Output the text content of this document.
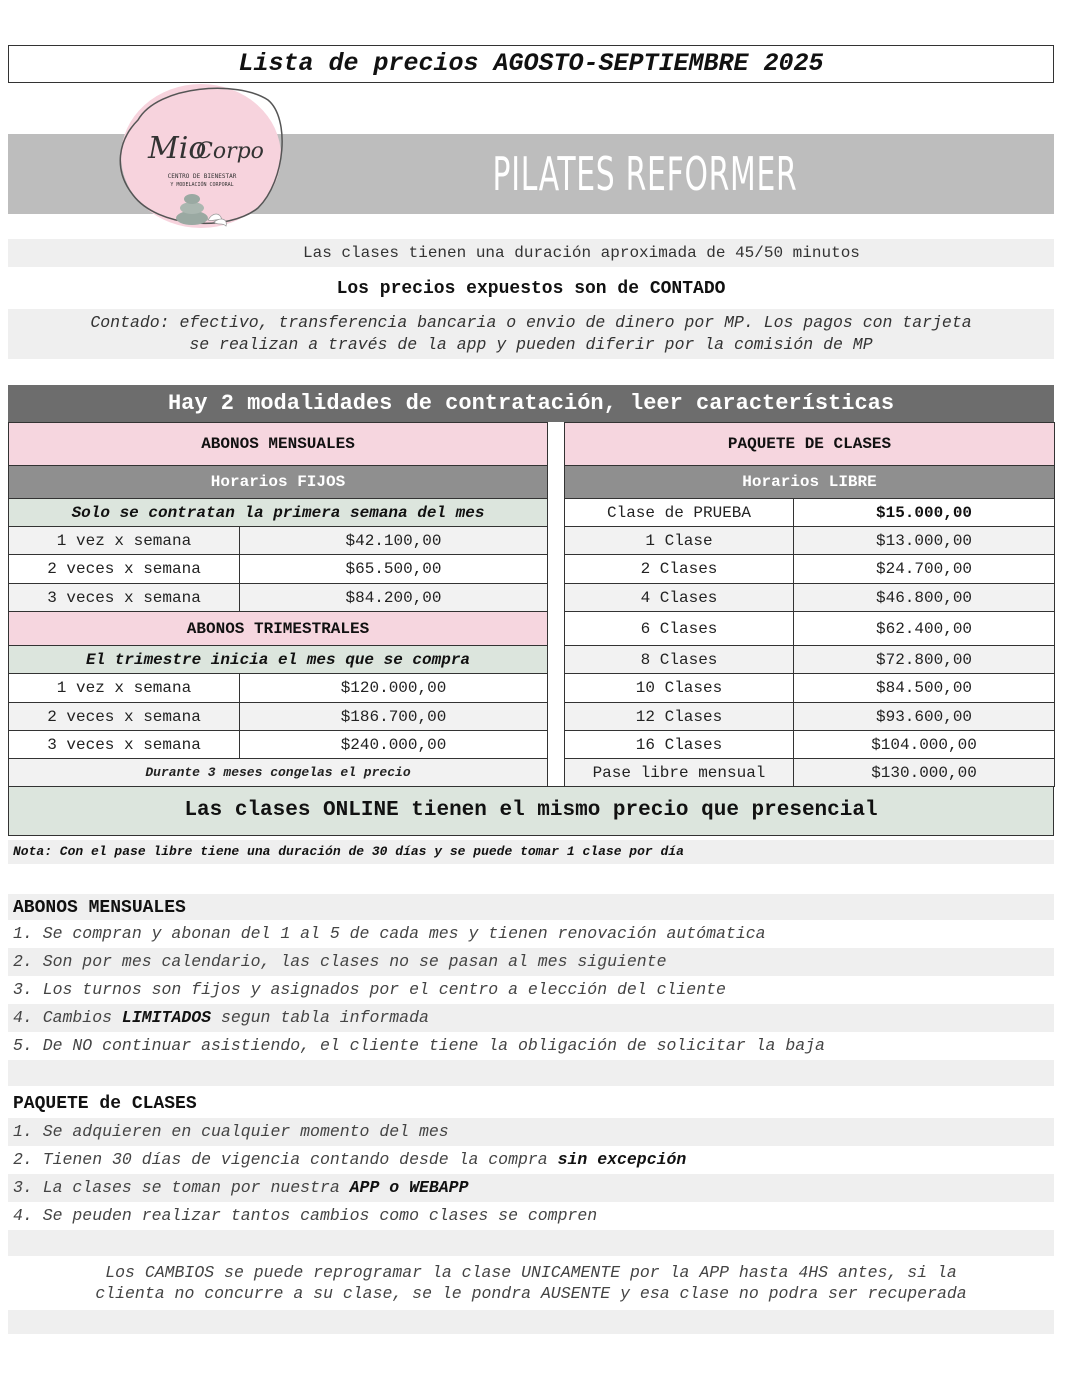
Lista de precios AGOSTO-SEPTIEMBRE 2025
PILATES REFORMER
Mio
Corpo
CENTRO DE BIENESTAR
Y MODELACIÓN CORPORAL
Las clases tienen una duración aproximada de 45/50 minutos
Los precios expuestos son de CONTADO
Contado: efectivo, transferencia bancaria o envio de dinero por MP. Los pagos con tarjeta
se realizan a través de la app y pueden diferir por la comisión de MP
Hay 2 modalidades de contratación, leer características
ABONOS MENSUALES	
Horarios FIJOS	
Solo se contratan la primera semana del mes	
1 vez x semana	$42.100,00
2 veces x semana	$65.500,00
3 veces x semana	$84.200,00
ABONOS TRIMESTRALES	
El trimestre inicia el mes que se compra	
1 vez x semana	$120.000,00
2 veces x semana	$186.700,00
3 veces x semana	$240.000,00
Durante 3 meses congelas el precio	
PAQUETE DE CLASES	
Horarios LIBRE	
Clase de PRUEBA	$15.000,00
1 Clase	$13.000,00
2 Clases	$24.700,00
4 Clases	$46.800,00
6 Clases	$62.400,00
8 Clases	$72.800,00
10 Clases	$84.500,00
12 Clases	$93.600,00
16 Clases	$104.000,00
Pase libre mensual	$130.000,00
Las clases ONLINE tienen el mismo precio que presencial
Nota: Con el pase libre tiene una duración de 30 días y se puede tomar 1 clase por día
ABONOS MENSUALES
1. Se compran y abonan del 1 al 5 de cada mes y tienen renovación autómatica
2. Son por mes calendario, las clases no se pasan al mes siguiente
3. Los turnos son fijos y asignados por el centro a elección del cliente
4. Cambios LIMITADOS segun tabla informada
5. De NO continuar asistiendo, el cliente tiene la obligación de solicitar la baja
PAQUETE de CLASES
1. Se adquieren en cualquier momento del mes
2. Tienen 30 días de vigencia contando desde la compra sin excepción
3. La clases se toman por nuestra APP o WEBAPP
4. Se peuden realizar tantos cambios como clases se compren
Los CAMBIOS se puede reprogramar la clase UNICAMENTE por la APP hasta 4HS antes, si la
clienta no concurre a su clase, se le pondra AUSENTE y esa clase no podra ser recuperada
